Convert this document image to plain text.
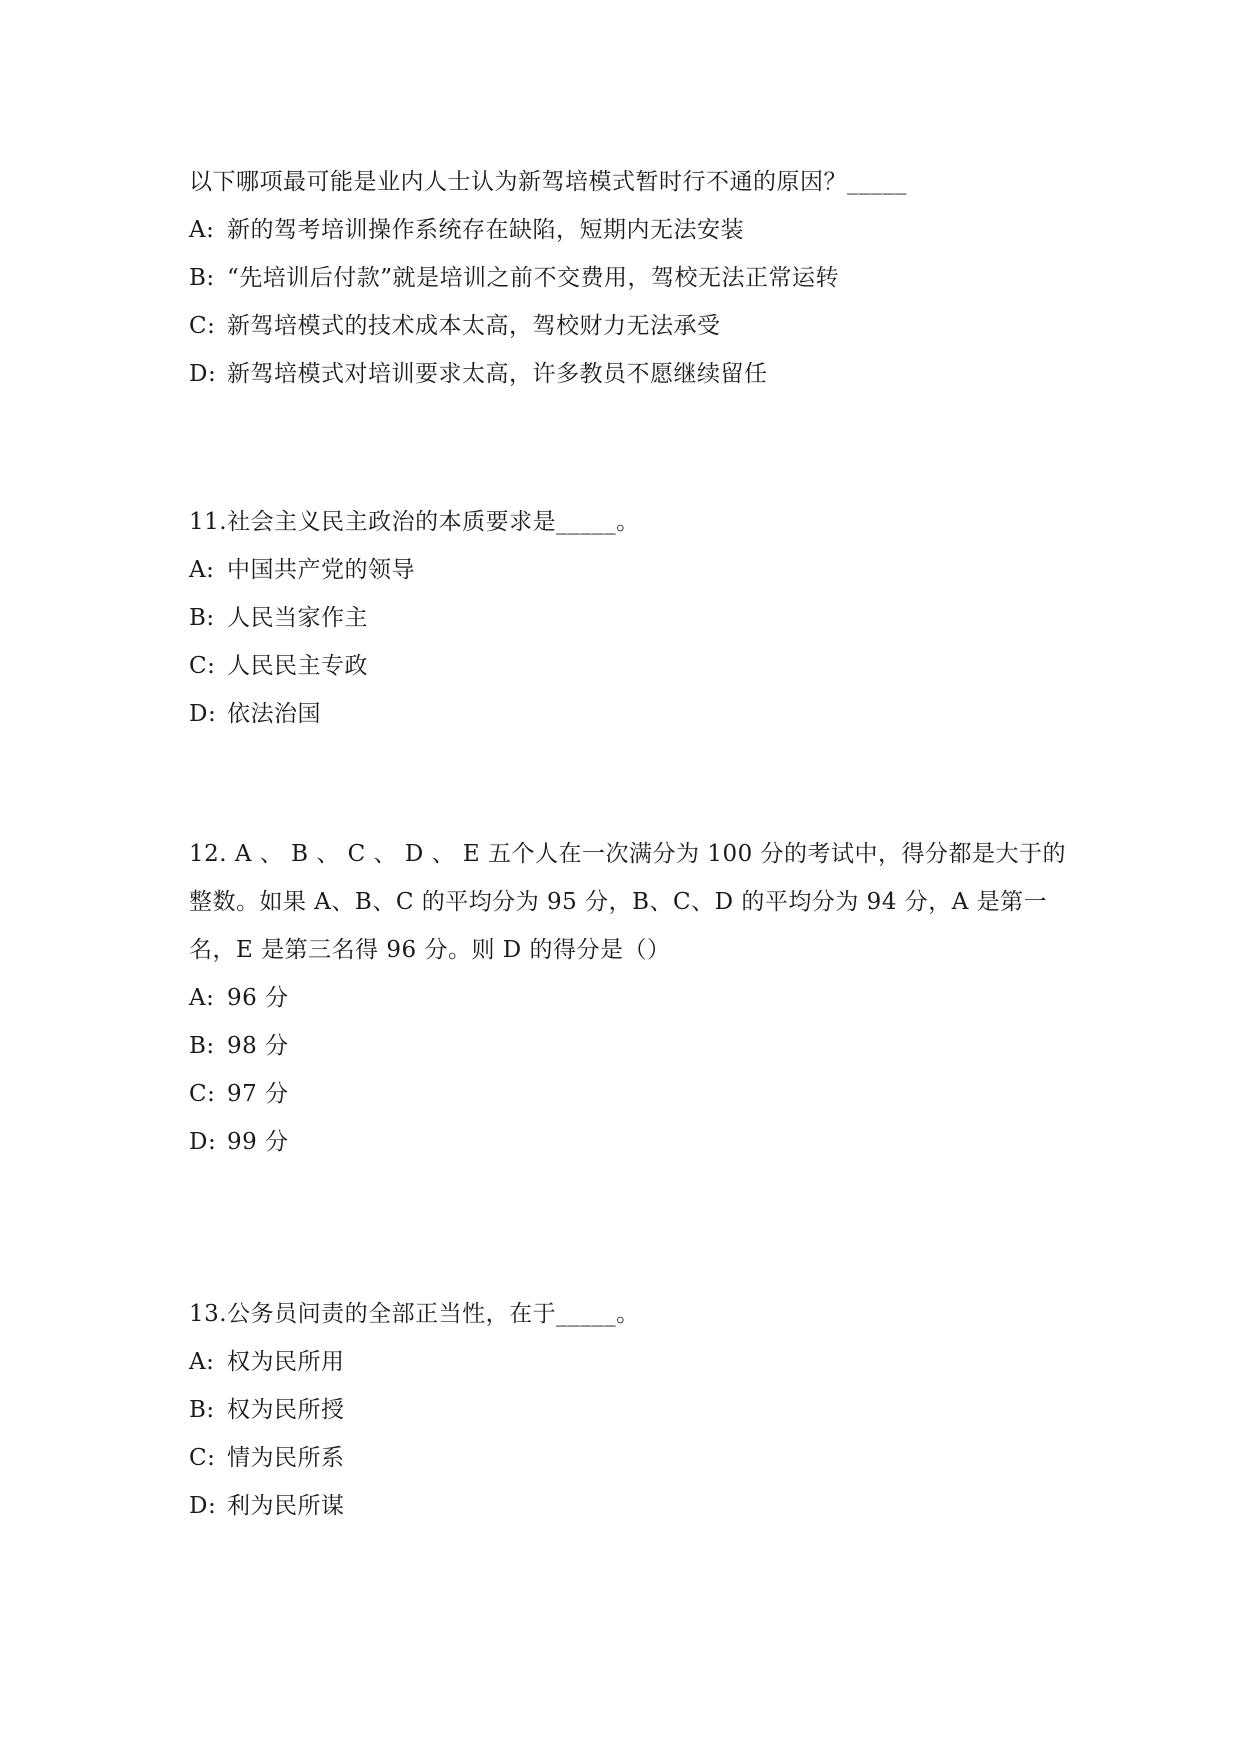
以下哪项最可能是业内人士认为新驾培模式暂时行不通的原因？_____
A: 新的驾考培训操作系统存在缺陷，短期内无法安装
B: “先培训后付款”就是培训之前不交费用，驾校无法正常运转
C: 新驾培模式的技术成本太高，驾校财力无法承受
D: 新驾培模式对培训要求太高，许多教员不愿继续留任
11.社会主义民主政治的本质要求是_____。
A: 中国共产党的领导
B: 人民当家作主
C: 人民民主专政
D: 依法治国
12. A 、 B 、 C 、 D 、 E 五个人在一次满分为 100 分的考试中，得分都是大于的
整数。如果 A、B、C 的平均分为 95 分，B、C、D 的平均分为 94 分，A 是第一
名，E 是第三名得 96 分。则 D 的得分是（）
A: 96 分
B: 98 分
C: 97 分
D: 99 分
13.公务员问责的全部正当性，在于_____。
A: 权为民所用
B: 权为民所授
C: 情为民所系
D: 利为民所谋
